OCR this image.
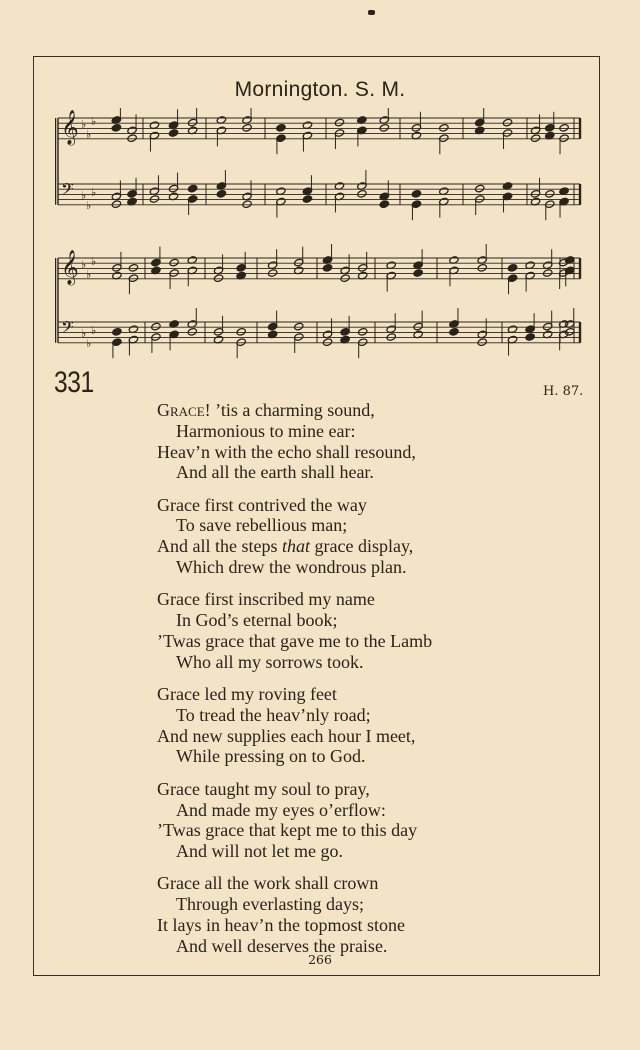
Mornington. S. M.
𝄞 ♭
♭
♭
𝄢 ♭
♭
♭
𝄞 ♭
♭
♭
𝄢 ♭
♭
♭
331	H. 87.
Grace! ’tis a charming sound,
Harmonious to mine ear:
Heav’n with the echo shall resound,
And all the earth shall hear.
Grace first contrived the way
To save rebellious man;
And all the steps that grace display,
Which drew the wondrous plan.
Grace first inscribed my name
In God’s eternal book;
’Twas grace that gave me to the Lamb
Who all my sorrows took.
Grace led my roving feet
To tread the heav’nly road;
And new supplies each hour I meet,
While pressing on to God.
Grace taught my soul to pray,
And made my eyes o’erflow:
’Twas grace that kept me to this day
And will not let me go.
Grace all the work shall crown
Through everlasting days;
It lays in heav’n the topmost stone
And well deserves the praise.
266
